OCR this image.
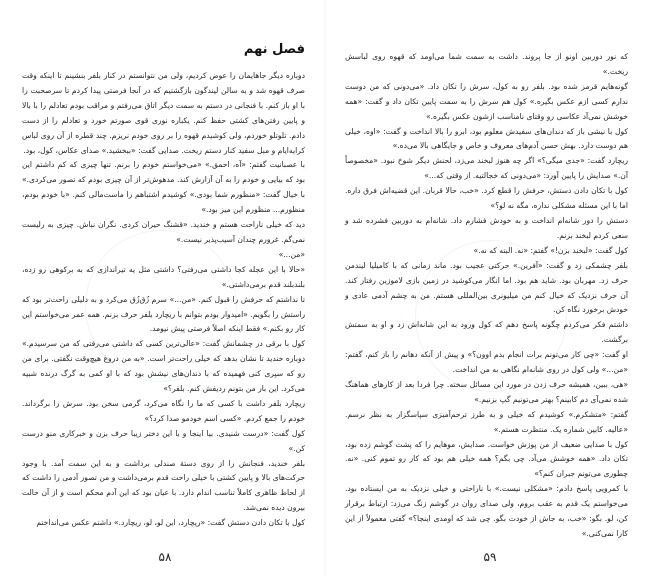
فصل نهم

دوباره دیگر جاهایمان را عوض کردیم، ولی من نتوانستم در کنار بلفر بنشینم تا اینکه وقت صرف قهوه شد و به سالن لیندگون بازگشتیم که در آنجا فرصتی پیدا کردم تا سرصحبت را با او باز کنم. با فنجانی در دستم به سمت دیگر اتاق می‌رفتم و مراقب بودم تعادلم را با بالا و پایین رفتن‌های کشتی حفظ کنم. یکباره نوری قوی صورتم خورد و تعادلم را از دست دادم. تلوتلو خوردم، ولی کوشیدم قهوه را بر روی خودم نریزم. چند قطره از آن روی لباس کرایه‌ایام و مبل سفید کنار دستم ریخت. صدایی گفت: «ببخشید.» صدای عکاس، کول، بود.

با عصبانیت گفتم: «آه، احمق.» «می‌خواستم خودم را برنم. تنها چیزی که کم داشتم این بود که بیایی و خودم را به آن آزارش کند. مدهوش‌تر از آن چیزی بودم که تصور می‌کردی.» با خیال گفت: «منظورم شما بودی.» کوشیدم اشتباهم را ماست‌مالی کنم. «با خودم بودم، منظورم... منظورم این میز بود.»

دید که خیلی ناراحت هستم و خندید. «قشنگ حیران کردی. نگران نباش. چیزی به رلیست نمی‌گم. غرورم چندان آسیب‌پذیر نیست.»

«من...»

«حالا با این عجله کجا داشتی می‌رفتی؟ داشتی مثل یه تیراندازی که به برکوهی رو زده، بلندبلند قدم برمی‌داشتی.»

تا نداشتم که حرفش را قبول کنم. «من...» سرم زُق‌زُق می‌کرد و به دلیلی راحت‌تر بود که راستش را بگویم. «امیدوار بودم بتوانم با ریچارد بلفر حرف بزنم. همه عمر می‌خواستم این کار رو بکنم.» فقط اینکه اصلاً فرصتی پیش نیومد.

کول با برقی در چشمانش گفت: «عالی‌ترین کسی که داشتی می‌رفتی که من سرسیدم.» دوباره خندید تا نشان بدهد که خیلی راحت‌تر است. «به من دروغ هیچ‌وقت نگفتی. برای من رو که سپری کنی فهمیده که با دندان‌های نیشش بود که با او کمی به گرگ درنده شبیه می‌کرد. این بار من بتونم ردیفش کنم. بلفر؟»

ریچارد بلفر داشت با کسی که ما را نگاه می‌کرد، گرمی سخن بود. سرش را برگرداند. خودم را جمع کردم. «کسی اسم خودمو صدا کرد؟»

کول گفت: «درست شنیدی. بیا اینجا و با این دختر زیبا حرف بزن و خبرکاری منو درست کن.»

بلفر خندید، فنجانش را از روی دستهٔ صندلی برداشت و به این سمت آمد. با وجود حرکت‌های بالا و پایین کشتی با خیلی راحت قدم برمی‌داشت و من تصور آدمی را داشت که از لحاظ ظاهری کاملاً تناسب اندام دارد. با عیان بود که این آدم محکم است و از آن حالت بیرون دیده نمی‌شد.

کول با تکان دادن دستش گفت: «ریچارد، این لو، لو، ریچارد.» داشتم عکس می‌انداختم

۵۸

که نور دوربین اونو از جا پروند. داشت به سمت شما می‌اومد که قهوه روی لباسش ریخت.»

گونه‌هایم قرمز شده بود. بلفر رو به کول، سرش را تکان داد. «می‌دونی که من دوست ندارم کسی ازم عکس بگیره.» کول هم سرش را به سمت پایین تکان داد و گفت: «همه خوشش نمی‌آد عکاسی رو وقتای نامناسب ازشون عکس بگیره.»

کول با نیشی باز که دندان‌های سفیدش معلوم بود، ابرو را بالا انداخت و گفت: «اوه، خیلی هم دوست دارد. بهش حسن آدم‌های معروف و خاص و جایگاهی بالا می‌ده.»

ریچارد گفت: «جدی میگی؟» اگر چه هنوز لبخند می‌زد، لحنش دیگر شوخ نبود. «مخصوصاً آن.» صدایش را پایین آورد: «می‌دونی که خجالتیه. از وقتی که...»

کول با تکان دادن دستش، حرفش را قطع کرد. «خب، حالا قربان. این قضیه‌اش فرق داره. اما با این مسئله مشکلی نداره، مگه نه لو؟»

دستش را دور شانه‌ام انداخت و به خودش فشارم داد. شانه‌ام به دوربین فشرده شد و سعی کردم لبخند بزنم.

کول گفت: «لبخند بزن!» گفتم: «نه. البته که نه.»

بلفر چشمکی زد و گفت: «آفرین.» حرکتی عجیب بود. ماند زمانی که با کامیلیا لیندمن حرف زد. مهربان بود. شاید هم بود. اما انگار می‌کوشید در زمین بازی لاموزین رفتار کند. آن حرف نزدیک که خیال کنم من میلیونری بین‌المللی هستم. من به چشم آدمی عادی و خودش برخورد نگاه کن.

داشتم فکر می‌کردم چگونه پاسخ دهم که کول ورود به این شانه‌اش زد و او به سمتش برگشت.

او گفت: «چی کار می‌تونم برات انجام بدم اوون؟» و پیش از آنکه دهانم را باز کنم، گفتم: «من...» ولی کول در روی شانه‌ام نگاهی به من انداخت.

«هی، ببین، همیشه حرف زدن در مورد این مسائل سخته. چرا فردا بعد از کارهای هماهنگ شده نمی‌آی دم کابینم؟ بهتر می‌تونیم گپ بزنیم.»

گفتم: «متشکرم.» کوشیدم که خیلی و به طرز ترحم‌آمیزی سپاسگزار به نظر نرسم. «عالیه. کابین شماره یک. منتظرت هستم.»

کول با صدایی ضعیف از من پوزش خواست. صدایش، موهایم را که پشت گوشم زده بود، تکان داد. «همه خوشش می‌آد. چی بگم؟ همه خیلی هم بود که کار رو تموم کنی. «نه. چطوری می‌تونم جبران کنم؟»

با کمرویی پاسخ دادم: «مشکلی نیست.» با ناراحتی و خیلی نزدیک به من ایستاده بود. می‌خواستم یک قدم به عقب بروم، ولی صدای روان در گوشم زنگ می‌زد: ارتباط برقرار کن، لو. بگو: «خب، به جاش از خودت بگو. چی شد که اومدی اینجا؟» گفتی معمولاً از این کارا نمی‌کنی.»

۵۹
